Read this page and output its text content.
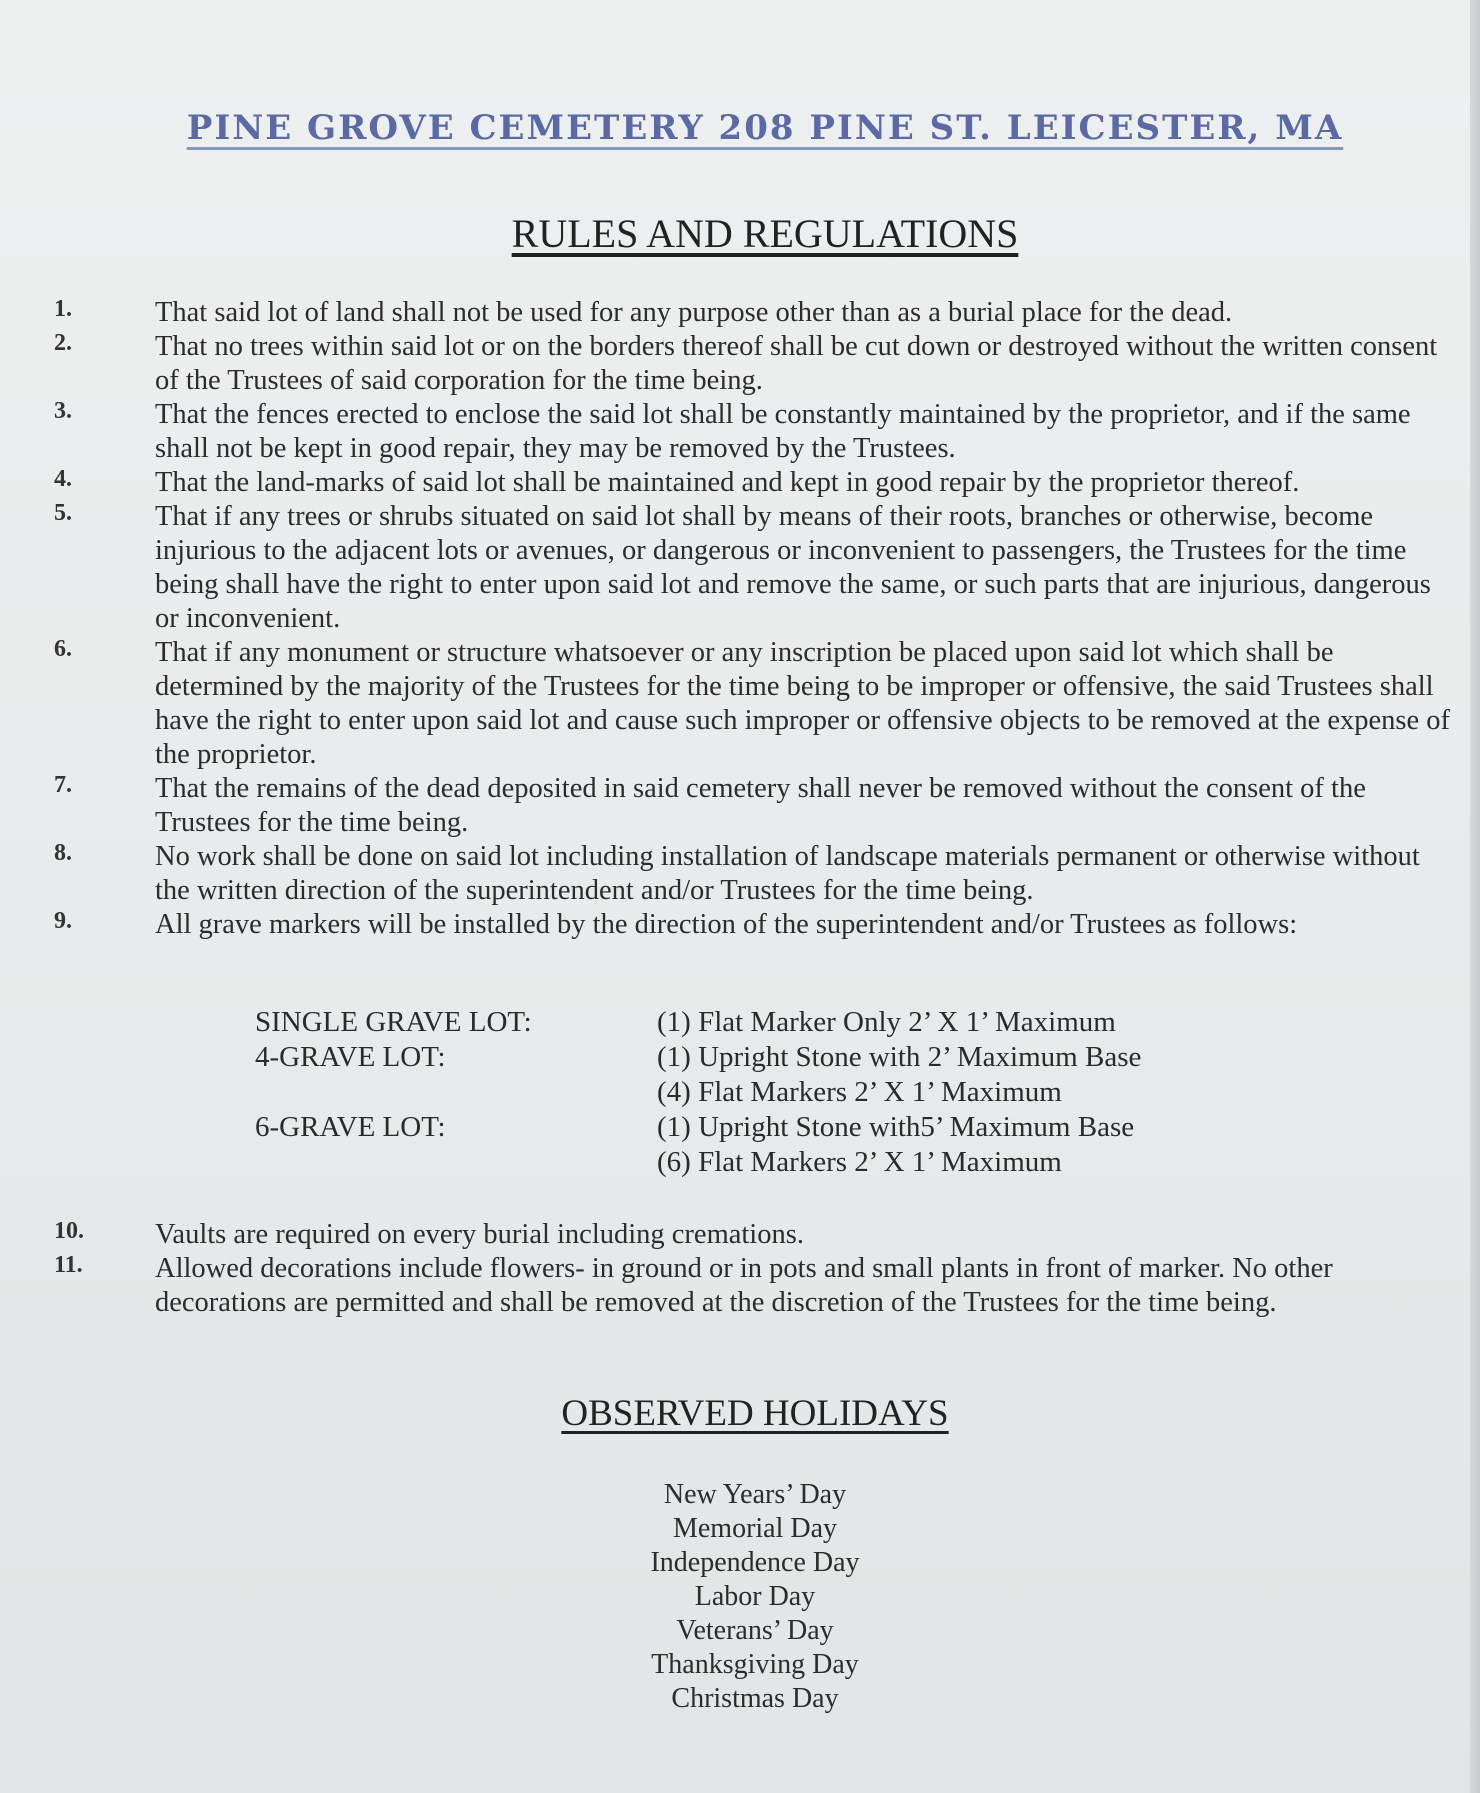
PINE GROVE CEMETERY 208 PINE ST. LEICESTER, MA
RULES AND REGULATIONS
1.	That said lot of land shall not be used for any purpose other than as a burial place for the dead.
2.	That no trees within said lot or on the borders thereof shall be cut down or destroyed without the written consent of the Trustees of said corporation for the time being.
3.	That the fences erected to enclose the said lot shall be constantly maintained by the proprietor, and if the same shall not be kept in good repair, they may be removed by the Trustees.
4.	That the land-marks of said lot shall be maintained and kept in good repair by the proprietor thereof.
5.	That if any trees or shrubs situated on said lot shall by means of their roots, branches or otherwise, become injurious to the adjacent lots or avenues, or dangerous or inconvenient to passengers, the Trustees for the time being shall have the right to enter upon said lot and remove the same, or such parts that are injurious, dangerous or inconvenient.
6.	That if any monument or structure whatsoever or any inscription be placed upon said lot which shall be determined by the majority of the Trustees for the time being to be improper or offensive, the said Trustees shall have the right to enter upon said lot and cause such improper or offensive objects to be removed at the expense of the proprietor.
7.	That the remains of the dead deposited in said cemetery shall never be removed without the consent of the Trustees for the time being.
8.	No work shall be done on said lot including installation of landscape materials permanent or otherwise without the written direction of the superintendent and/or Trustees for the time being.
9.	All grave markers will be installed by the direction of the superintendent and/or Trustees as follows:
SINGLE GRAVE LOT:	(1) Flat Marker Only 2’ X 1’ Maximum
4-GRAVE LOT:	(1) Upright Stone with 2’ Maximum Base
(4) Flat Markers 2’ X 1’ Maximum
6-GRAVE LOT:	(1) Upright Stone with5’ Maximum Base
(6) Flat Markers 2’ X 1’ Maximum
10. Vaults are required on every burial including cremations.
11.	Allowed decorations include flowers- in ground or in pots and small plants in front of marker. No other decorations are permitted and shall be removed at the discretion of the Trustees for the time being.
OBSERVED HOLIDAYS
New Years’ Day
Memorial Day
Independence Day
Labor Day
Veterans’ Day
Thanksgiving Day
Christmas Day
